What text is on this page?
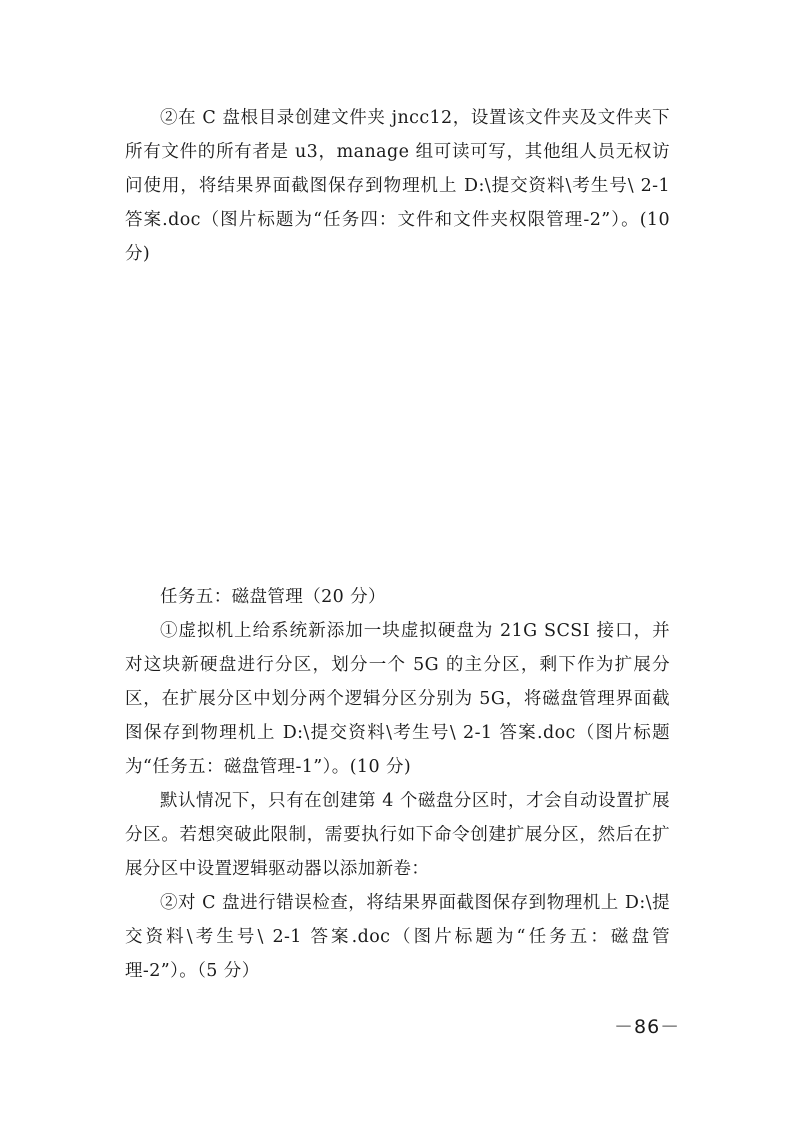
②在 C 盘根目录创建文件夹 jncc12，设置该文件夹及文件夹下所有文件的所有者是 u3，manage 组可读可写，其他组人员无权访问使用，将结果界面截图保存到物理机上 D:\提交资料\考生号\ 2-1 答案.doc（图片标题为“任务四：文件和文件夹权限管理-2”）。(10 分)

任务五：磁盘管理（20 分）

①虚拟机上给系统新添加一块虚拟硬盘为 21G SCSI 接口，并对这块新硬盘进行分区，划分一个 5G 的主分区，剩下作为扩展分区，在扩展分区中划分两个逻辑分区分别为 5G，将磁盘管理界面截图保存到物理机上 D:\提交资料\考生号\ 2-1 答案.doc（图片标题为“任务五：磁盘管理-1”）。(10 分)

默认情况下，只有在创建第 4 个磁盘分区时，才会自动设置扩展分区。若想突破此限制，需要执行如下命令创建扩展分区，然后在扩展分区中设置逻辑驱动器以添加新卷：

②对 C 盘进行错误检查，将结果界面截图保存到物理机上 D:\提交资料\考生号\ 2-1 答案.doc（图片标题为“任务五：磁盘管理-2”）。（5 分）

－86－
